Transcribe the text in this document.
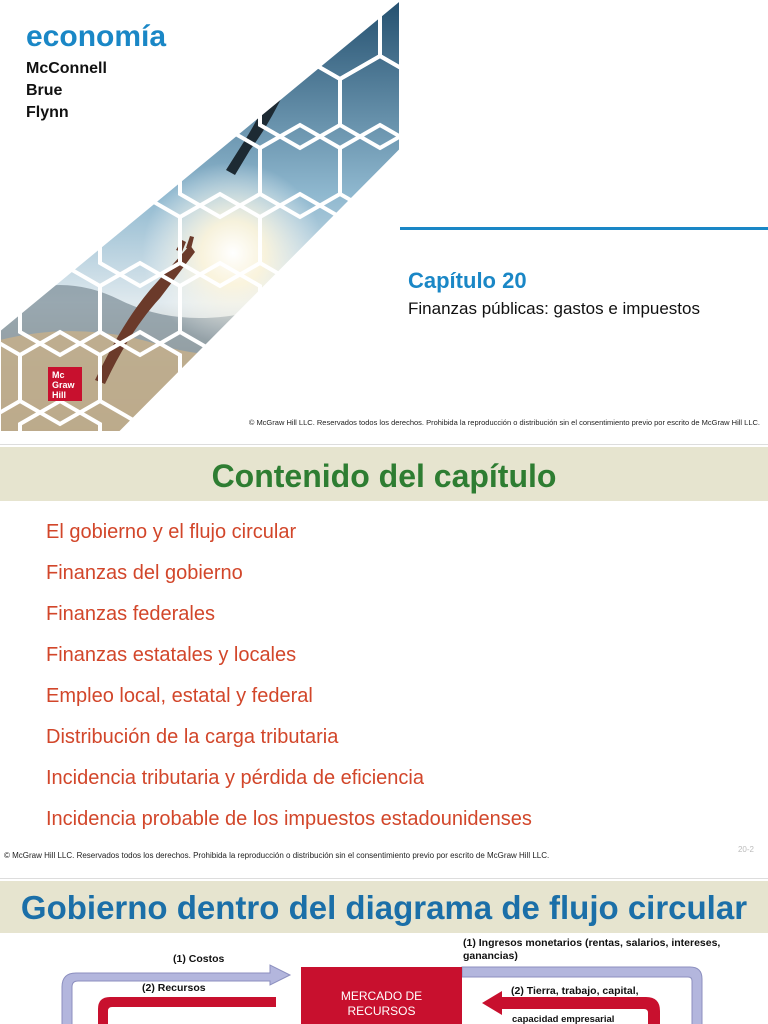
economía
McConnell
Brue
Flynn
Capítulo 20
Finanzas públicas: gastos e impuestos
Mc
Graw
Hill
© McGraw Hill LLC. Reservados todos los derechos. Prohibida la reproducción o distribución sin el consentimiento previo por escrito de McGraw Hill LLC.
Contenido del capítulo
El gobierno y el flujo circular
Finanzas del gobierno
Finanzas federales
Finanzas estatales y locales
Empleo local, estatal y federal
Distribución de la carga tributaria
Incidencia tributaria y pérdida de eficiencia
Incidencia probable de los impuestos estadounidenses
20-2
© McGraw Hill LLC. Reservados todos los derechos. Prohibida la reproducción o distribución sin el consentimiento previo por escrito de McGraw Hill LLC.
Gobierno dentro del diagrama de flujo circular
MERCADO DE
RECURSOS
(1) Costos
(2) Recursos
(1) Ingresos monetarios (rentas, salarios, intereses, ganancias)
(2) Tierra, trabajo, capital,
capacidad empresarial
